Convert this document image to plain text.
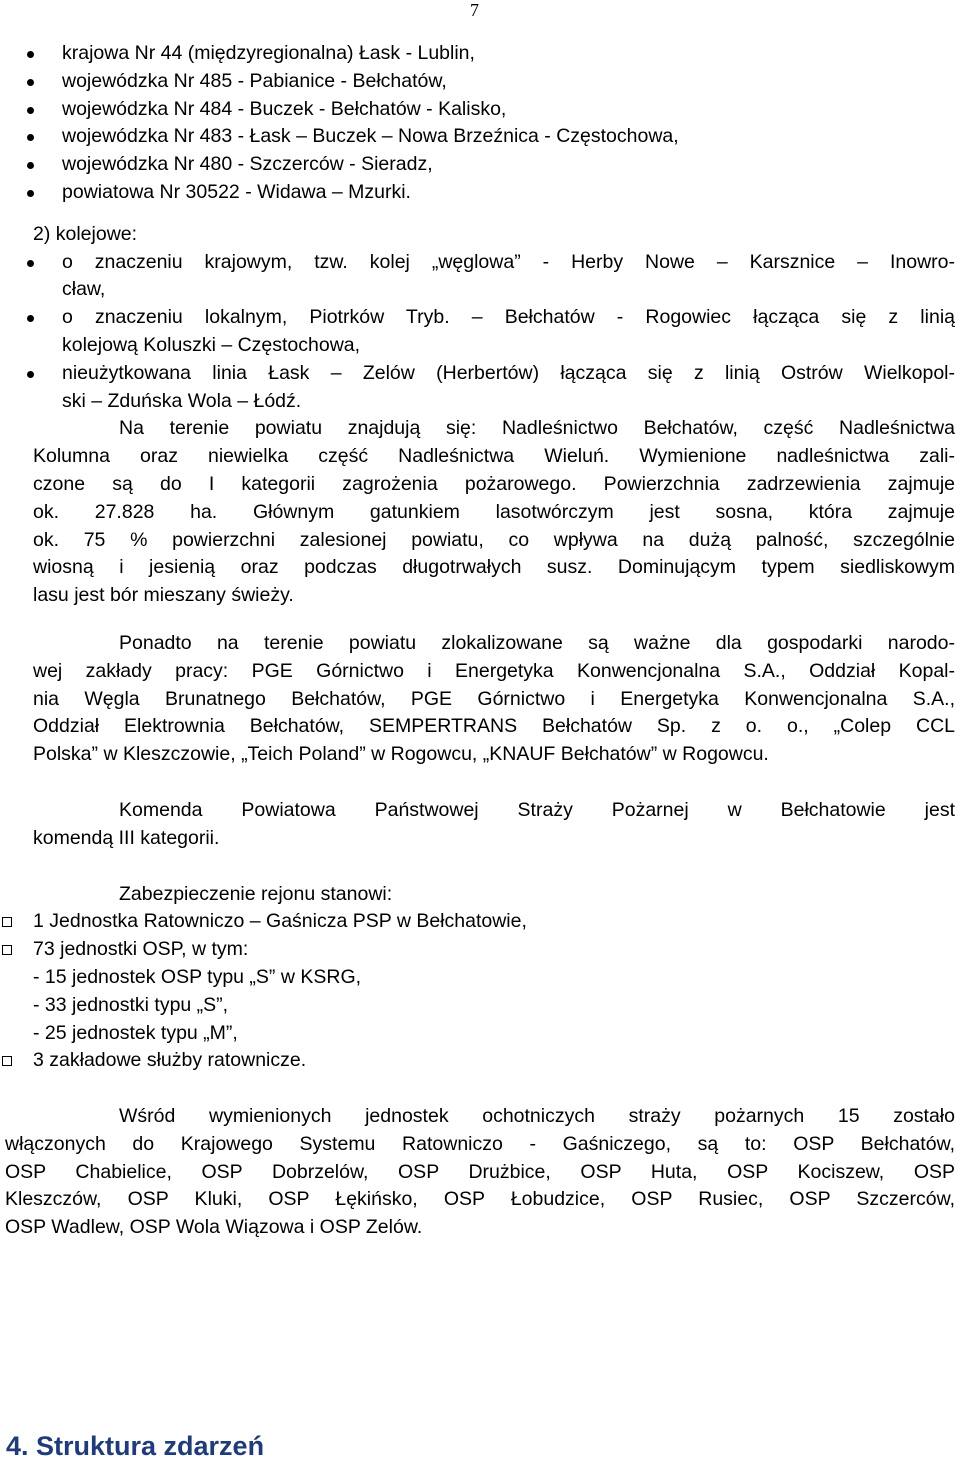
7
krajowa Nr 44 (międzyregionalna) Łask - Lublin,
wojewódzka Nr 485 - Pabianice - Bełchatów,
wojewódzka Nr 484 - Buczek - Bełchatów - Kalisko,
wojewódzka Nr 483 - Łask – Buczek – Nowa Brzeźnica - Częstochowa,
wojewódzka Nr 480 - Szczerców - Sieradz,
powiatowa Nr 30522 - Widawa – Mzurki.
2) kolejowe:
o znaczeniu krajowym, tzw. kolej „węglowa” - Herby Nowe – Karsznice – Inowro-
cław,
o znaczeniu lokalnym, Piotrków Tryb. – Bełchatów - Rogowiec łącząca się z linią
kolejową Koluszki – Częstochowa,
nieużytkowana linia Łask – Zelów (Herbertów) łącząca się z linią Ostrów Wielkopol-
ski – Zduńska Wola – Łódź.
Na terenie powiatu znajdują się: Nadleśnictwo Bełchatów, część Nadleśnictwa
Kolumna oraz niewielka część Nadleśnictwa Wieluń. Wymienione nadleśnictwa zali-
czone są do I kategorii zagrożenia pożarowego. Powierzchnia zadrzewienia zajmuje
ok. 27.828 ha. Głównym gatunkiem lasotwórczym jest sosna, która zajmuje
ok. 75 % powierzchni zalesionej powiatu, co wpływa na dużą palność, szczególnie
wiosną i jesienią oraz podczas długotrwałych susz. Dominującym typem siedliskowym
lasu jest bór mieszany świeży.
Ponadto na terenie powiatu zlokalizowane są ważne dla gospodarki narodo-
wej zakłady pracy: PGE Górnictwo i Energetyka Konwencjonalna S.A., Oddział Kopal-
nia Węgla Brunatnego Bełchatów, PGE Górnictwo i Energetyka Konwencjonalna S.A.,
Oddział Elektrownia Bełchatów, SEMPERTRANS Bełchatów Sp. z o. o., „Colep CCL
Polska” w Kleszczowie, „Teich Poland” w Rogowcu, „KNAUF Bełchatów” w Rogowcu.
Komenda Powiatowa Państwowej Straży Pożarnej w Bełchatowie jest
komendą III kategorii.
Zabezpieczenie rejonu stanowi:
1 Jednostka Ratowniczo – Gaśnicza PSP w Bełchatowie,
73 jednostki OSP, w tym:
- 15 jednostek OSP typu „S” w KSRG,
- 33 jednostki typu „S”,
- 25 jednostek typu „M”,
3 zakładowe służby ratownicze.
Wśród wymienionych jednostek ochotniczych straży pożarnych 15 zostało
włączonych do Krajowego Systemu Ratowniczo - Gaśniczego, są to: OSP Bełchatów,
OSP Chabielice, OSP Dobrzelów, OSP Drużbice, OSP Huta, OSP Kociszew, OSP
Kleszczów, OSP Kluki, OSP Łękińsko, OSP Łobudzice, OSP Rusiec, OSP Szczerców,
OSP Wadlew, OSP Wola Wiązowa i OSP Zelów.
4. Struktura zdarzeń
